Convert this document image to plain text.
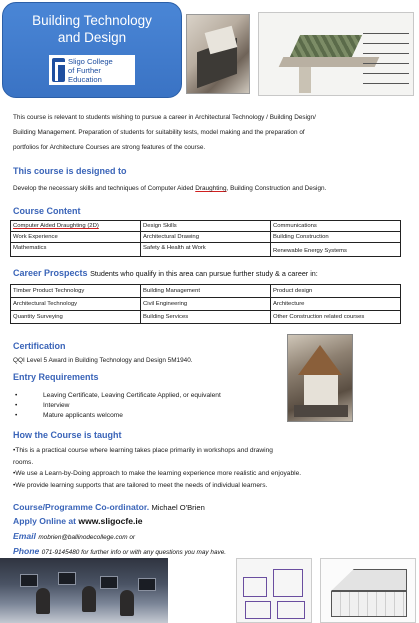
Building Technology
and Design
Sligo College
of Further Education
This course is relevant to students wishing to pursue a career in Architectural Technology / Building Design/
Building Management. Preparation of students for suitability tests, model making and the preparation of
portfolios for Architecture Courses are strong features of the course.
This course is designed to
Develop the necessary skills and techniques of Computer Aided Draughting, Building Construction and Design.
Course Content
Computer Aided Draughting (2D)	Design Skills	Communications
Work Experience	Architectural Drawing	Building Construction
Mathematics	Safety & Health at Work	Renewable Energy Systems
Career Prospects Students who qualify in this area can pursue further study & a career in:
Timber Product Technology	Building Management	Product design
Architectural Technology	Civil Engineering	Architecture
Quantity Surveying	Building Services	Other Construction related courses
Certification
QQI Level 5 Award in Building Technology and Design 5M1940.
Entry Requirements
•	Leaving Certificate, Leaving Certificate Applied, or equivalent
•	Interview
•	Mature applicants welcome
How the Course is taught
•This is a practical course where learning takes place primarily in workshops and drawing
rooms.
•We use a Learn-by-Doing approach to make the learning experience more realistic and enjoyable.
•We provide learning supports that are tailored to meet the needs of individual learners.
Course/Programme Co-ordinator. Michael O'Brien
Apply Online at www.sligocfe.ie
Email mobrien@ballinodecollege.com or
Phone 071-9145480 for further info or with any questions you may have.
